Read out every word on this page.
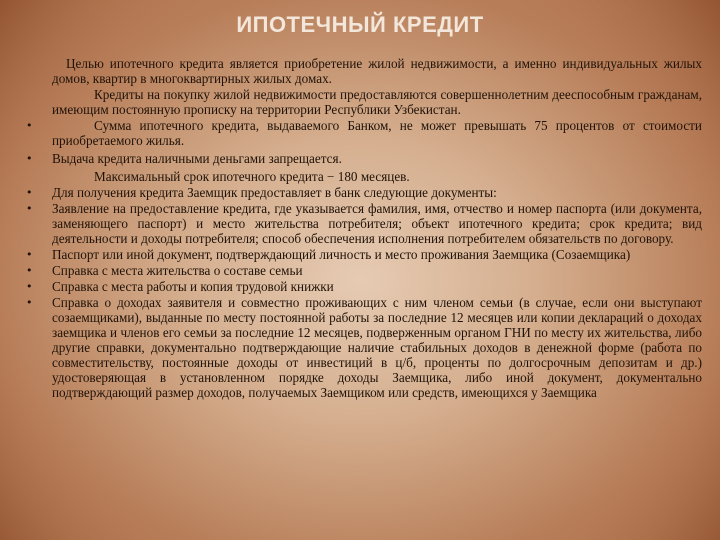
ИПОТЕЧНЫЙ КРЕДИТ
Целью ипотечного кредита является приобретение жилой недвижимости, а именно индивидуальных жилых домов, квартир в многоквартирных жилых домах.
Кредиты на покупку жилой недвижимости предоставляются совершеннолетним дееспособным гражданам, имеющим постоянную прописку на территории Республики Узбекистан.
•	Сумма ипотечного кредита, выдаваемого Банком, не может превышать 75 процентов от стоимости приобретаемого жилья.
• Выдача кредита наличными деньгами запрещается.
Максимальный срок ипотечного кредита − 180 месяцев.
• Для получения кредита Заемщик предоставляет в банк следующие документы:
• Заявление на предоставление кредита, где указывается фамилия, имя, отчество и номер паспорта (или документа, заменяющего паспорт) и место жительства потребителя; объект ипотечного кредита; срок кредита; вид деятельности и доходы потребителя; способ обеспечения исполнения потребителем обязательств по договору.
• Паспорт или иной документ, подтверждающий личность и место проживания Заемщика (Созаемщика)
• Справка с места жительства о составе семьи
• Справка с места работы и копия трудовой книжки
• Справка о доходах заявителя и совместно проживающих с ним членом семьи (в случае, если они выступают созаемщиками), выданные по месту постоянной работы за последние 12 месяцев или копии деклараций о доходах заемщика и членов его семьи за последние 12 месяцев, подверженным органом ГНИ по месту их жительства, либо другие справки, документально подтверждающие наличие стабильных доходов в денежной форме (работа по совместительству, постоянные доходы от инвестиций в ц/б, проценты по долгосрочным депозитам и др.) удостоверяющая в установленном порядке доходы Заемщика, либо иной документ, документально подтверждающий размер доходов, получаемых Заемщиком или средств, имеющихся у Заемщика
